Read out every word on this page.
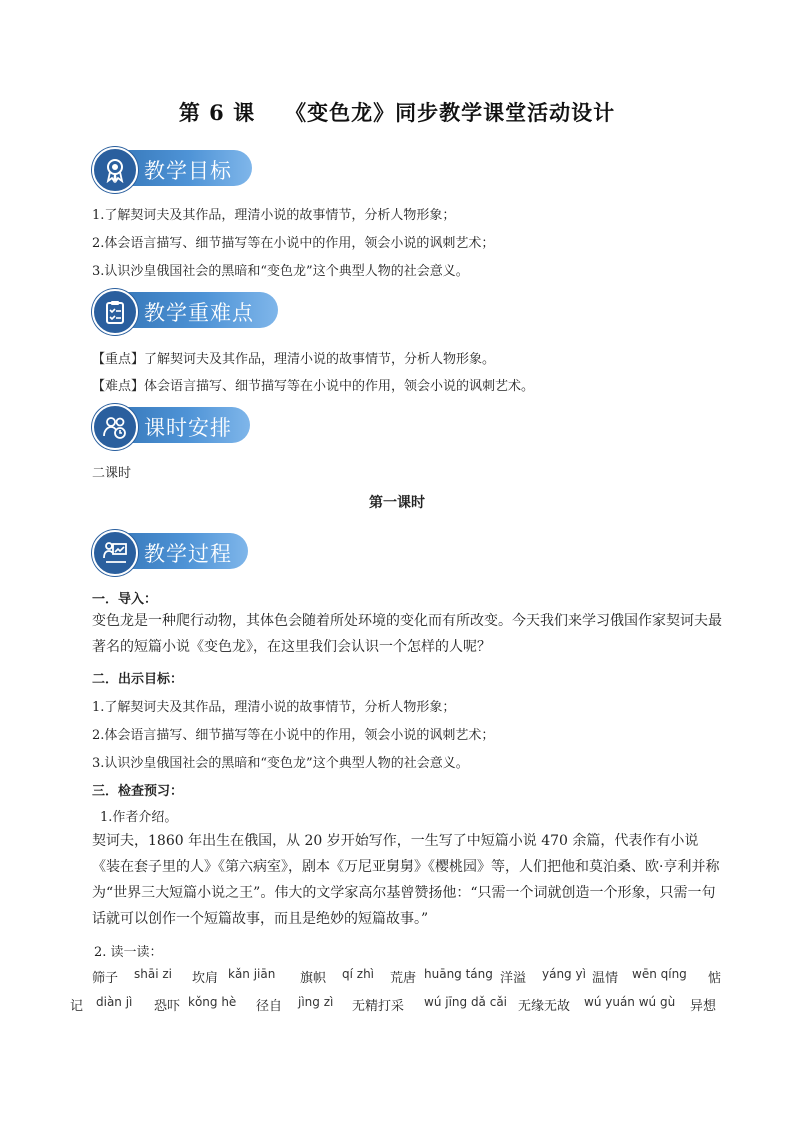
第 6 课 《变色龙》同步教学课堂活动设计
教学目标
1.了解契诃夫及其作品，理清小说的故事情节，分析人物形象；
2.体会语言描写、细节描写等在小说中的作用，领会小说的讽刺艺术；
3.认识沙皇俄国社会的黑暗和“变色龙”这个典型人物的社会意义。
教学重难点
【重点】了解契诃夫及其作品，理清小说的故事情节，分析人物形象。
【难点】体会语言描写、细节描写等在小说中的作用，领会小说的讽刺艺术。
课时安排
二课时
第一课时
教学过程
一．导入：
变色龙是一种爬行动物，其体色会随着所处环境的变化而有所改变。今天我们来学习俄国作家契诃夫最著名的短篇小说《变色龙》，在这里我们会认识一个怎样的人呢？
二．出示目标：
1.了解契诃夫及其作品，理清小说的故事情节，分析人物形象；
2.体会语言描写、细节描写等在小说中的作用，领会小说的讽刺艺术；
3.认识沙皇俄国社会的黑暗和“变色龙”这个典型人物的社会意义。
三．检查预习：
1.作者介绍。
契诃夫，1860 年出生在俄国，从 20 岁开始写作，一生写了中短篇小说 470 余篇，代表作有小说《装在套子里的人》《第六病室》，剧本《万尼亚舅舅》《樱桃园》等，人们把他和莫泊桑、欧·亨利并称为“世界三大短篇小说之王”。伟大的文学家高尔基曾赞扬他：“只需一个词就创造一个形象，只需一句话就可以创作一个短篇故事，而且是绝妙的短篇故事。”
2. 读一读：
筛子 shāi zi 坎肩 kǎn jiān 旗帜 qí zhì 荒唐 huāng táng 洋溢 yáng yì 温情 wēn qíng 惦
记 diàn jì 恐吓 kǒng hè 径自 jìng zì 无精打采 wú jīng dǎ cǎi 无缘无故 wú yuán wú gù 异想
